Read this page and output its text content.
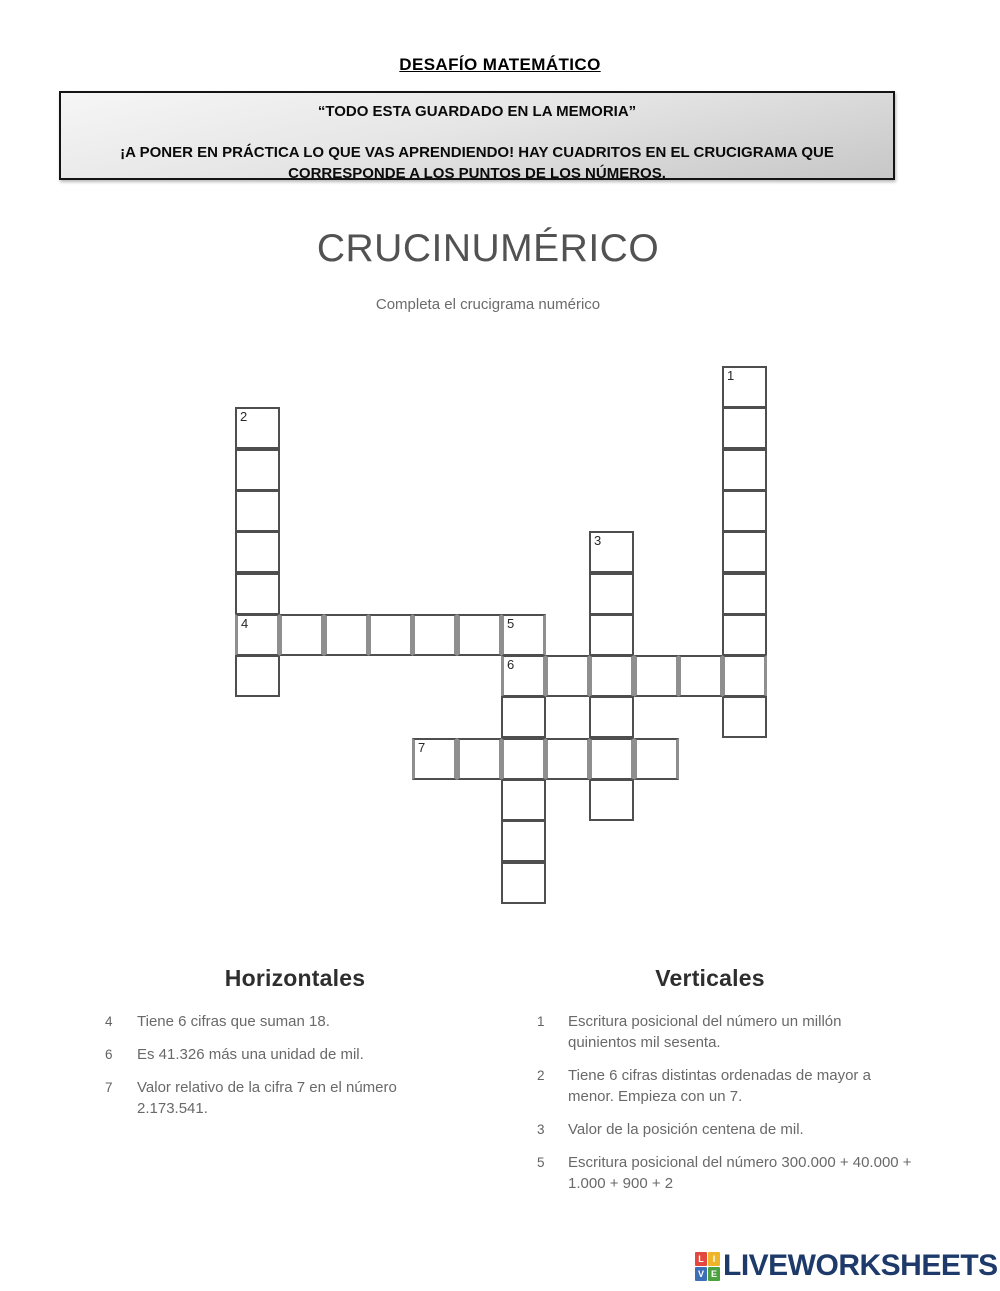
DESAFÍO MATEMÁTICO
“TODO ESTA GUARDADO EN LA MEMORIA”
¡A PONER EN PRÁCTICA LO QUE VAS APRENDIENDO! HAY CUADRITOS EN EL CRUCIGRAMA QUE
CORRESPONDE A LOS PUNTOS DE LOS NÚMEROS.
CRUCINUMÉRICO
Completa el crucigrama numérico
1
2
4
3
5
6
7
Horizontales
4	Tiene 6 cifras que suman 18.
6	Es 41.326 más una unidad de mil.
7	Valor relativo de la cifra 7 en el número 2.173.541.
Verticales
1	Escritura posicional del número un millón quinientos mil sesenta.
2	Tiene 6 cifras distintas ordenadas de mayor a menor. Empieza con un 7.
3	Valor de la posición centena de mil.
5	Escritura posicional del número 300.000 + 40.000 + 1.000 + 900 + 2
L I
V E LIVEWORKSHEETS
